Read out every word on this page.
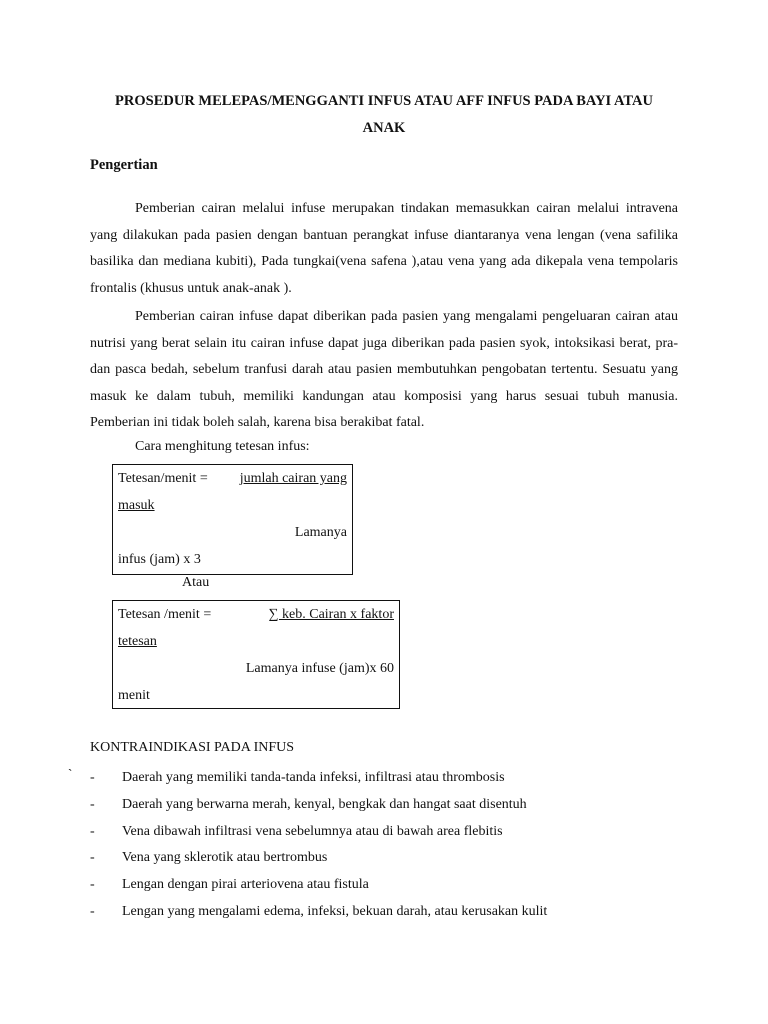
PROSEDUR MELEPAS/MENGGANTI INFUS ATAU AFF INFUS PADA BAYI ATAU
ANAK
Pengertian
Pemberian cairan melalui infuse merupakan tindakan memasukkan cairan melalui intravena yang dilakukan pada pasien dengan bantuan perangkat infuse diantaranya vena lengan (vena safilika basilika dan mediana kubiti), Pada tungkai(vena safena ),atau vena yang ada dikepala vena tempolaris frontalis (khusus untuk anak-anak ).
Pemberian cairan infuse dapat diberikan pada pasien yang mengalami pengeluaran cairan atau nutrisi yang berat selain itu cairan infuse dapat juga diberikan pada pasien syok, intoksikasi berat, pra- dan pasca bedah, sebelum tranfusi darah atau pasien membutuhkan pengobatan tertentu. Sesuatu yang masuk ke dalam tubuh, memiliki kandungan atau komposisi yang harus sesuai tubuh manusia. Pemberian ini tidak boleh salah, karena bisa berakibat fatal.
Cara menghitung tetesan infus:
Tetesan/menit = jumlah cairan yang
masuk
Lamanya
infus (jam) x 3
Atau
Tetesan /menit =	∑ keb. Cairan x faktor
tetesan
Lamanya infuse (jam)x 60
menit
KONTRAINDIKASI PADA INFUS
` -	Daerah yang memiliki tanda-tanda infeksi, infiltrasi atau thrombosis
-	Daerah yang berwarna merah, kenyal, bengkak dan hangat saat disentuh
-	Vena dibawah infiltrasi vena sebelumnya atau di bawah area flebitis
-	Vena yang sklerotik atau bertrombus
-	Lengan dengan pirai arteriovena atau fistula
-	Lengan yang mengalami edema, infeksi, bekuan darah, atau kerusakan kulit
